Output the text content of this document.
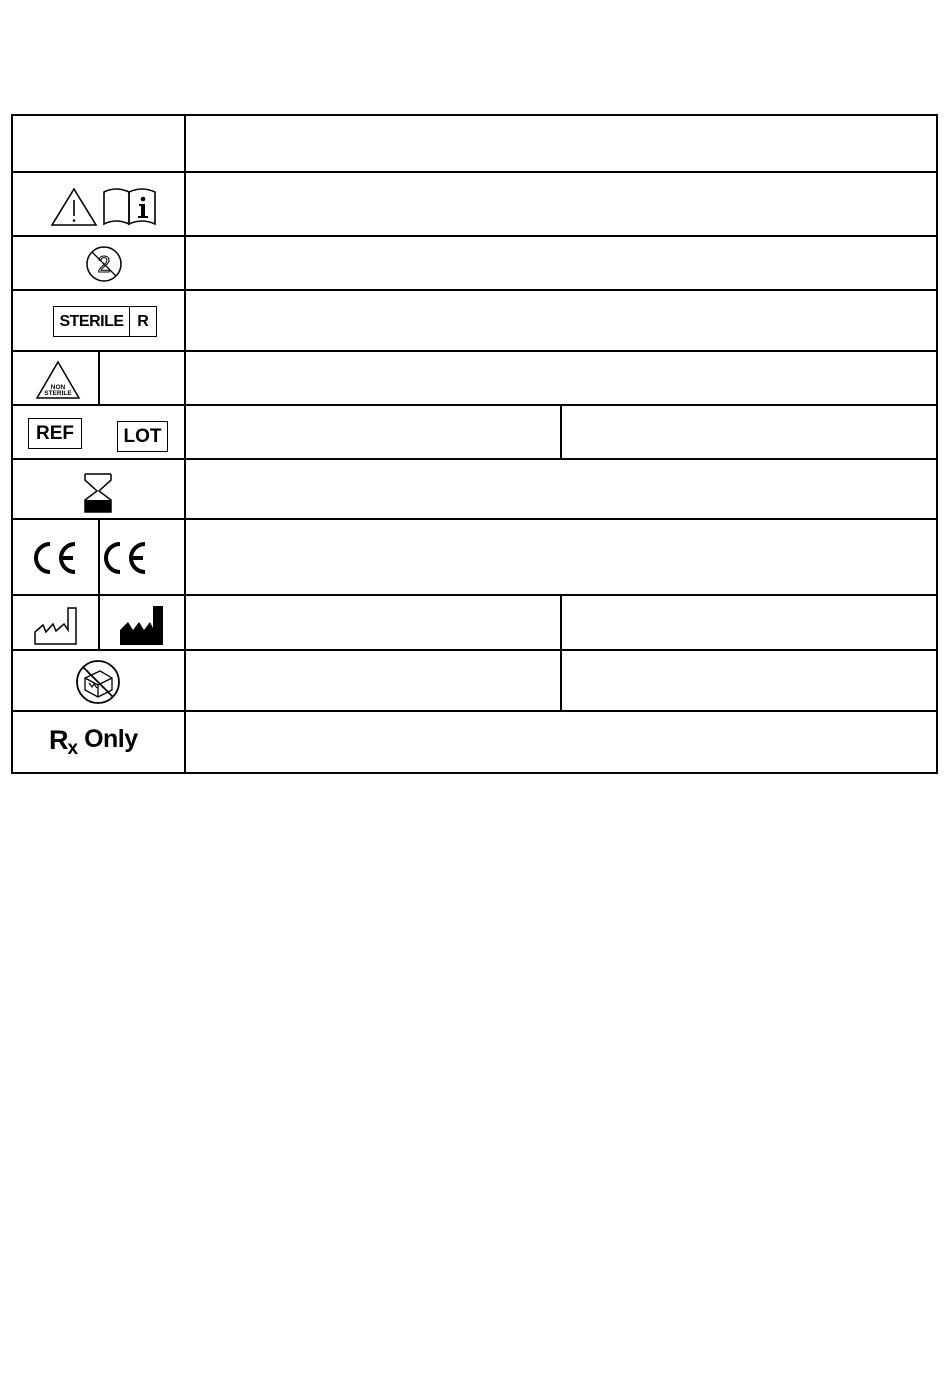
2
STERILE R
NON
STERILE
REF	LOT
R x Only
